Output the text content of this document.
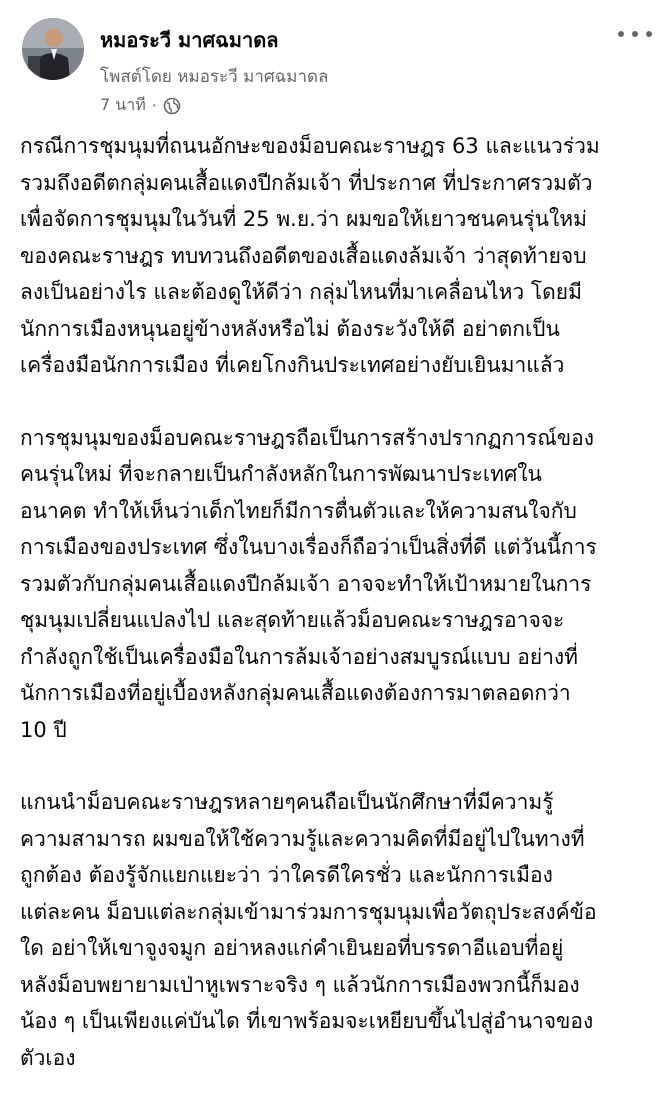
หมอระวี มาศฉมาดล
โพสต์โดย หมอระวี มาศฉมาดล
7 นาที ·

กรณีการชุมนุมที่ถนนอักษะของม็อบคณะราษฎร 63 และแนวร่วม
รวมถึงอดีตกลุ่มคนเสื้อแดงปีกล้มเจ้า ที่ประกาศ ที่ประกาศรวมตัว
เพื่อจัดการชุมนุมในวันที่ 25 พ.ย.ว่า ผมขอให้เยาวชนคนรุ่นใหม่
ของคณะราษฎร ทบทวนถึงอดีตของเสื้อแดงล้มเจ้า ว่าสุดท้ายจบ
ลงเป็นอย่างไร และต้องดูให้ดีว่า กลุ่มไหนที่มาเคลื่อนไหว โดยมี
นักการเมืองหนุนอยู่ข้างหลังหรือไม่ ต้องระวังให้ดี อย่าตกเป็น
เครื่องมือนักการเมือง ที่เคยโกงกินประเทศอย่างยับเยินมาแล้ว

การชุมนุมของม็อบคณะราษฎรถือเป็นการสร้างปรากฏการณ์ของ
คนรุ่นใหม่ ที่จะกลายเป็นกำลังหลักในการพัฒนาประเทศใน
อนาคต ทำให้เห็นว่าเด็กไทยก็มีการตื่นตัวและให้ความสนใจกับ
การเมืองของประเทศ ซึ่งในบางเรื่องก็ถือว่าเป็นสิ่งที่ดี แต่วันนี้การ
รวมตัวกับกลุ่มคนเสื้อแดงปีกล้มเจ้า อาจจะทำให้เป้าหมายในการ
ชุมนุมเปลี่ยนแปลงไป และสุดท้ายแล้วม็อบคณะราษฎรอาจจะ
กำลังถูกใช้เป็นเครื่องมือในการล้มเจ้าอย่างสมบูรณ์แบบ อย่างที่
นักการเมืองที่อยู่เบื้องหลังกลุ่มคนเสื้อแดงต้องการมาตลอดกว่า
10 ปี

แกนนำม็อบคณะราษฎรหลายๆคนถือเป็นนักศึกษาที่มีความรู้
ความสามารถ ผมขอให้ใช้ความรู้และความคิดที่มีอยู่ไปในทางที่
ถูกต้อง ต้องรู้จักแยกแยะว่า ว่าใครดีใครชั่ว และนักการเมือง
แต่ละคน ม็อบแต่ละกลุ่มเข้ามาร่วมการชุมนุมเพื่อวัตถุประสงค์ข้อ
ใด อย่าให้เขาจูงจมูก อย่าหลงแก่คำเยินยอที่บรรดาอีแอบที่อยู่
หลังม็อบพยายามเป่าหูเพราะจริง ๆ แล้วนักการเมืองพวกนี้ก็มอง
น้อง ๆ เป็นเพียงแค่บันได ที่เขาพร้อมจะเหยียบขึ้นไปสู่อำนาจของ
ตัวเอง
